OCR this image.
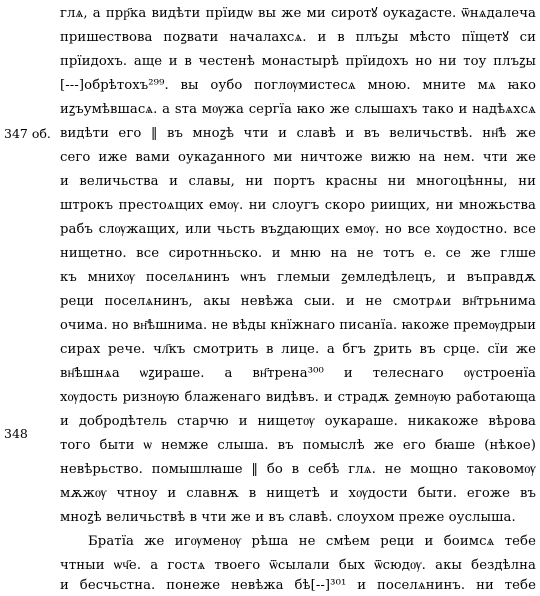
347 об.
348
глѧ, а прр҃ка видѣти прїидѡ вы же ми сиротꙋ оукаꙁасте. ѿнѧдалеча
пришествова поꙁвати началахсѧ. и в плъꙁы мѣсто пїщетꙋ си
прїидохъ. аще и в честенѣ монастырѣ прїидохъ но ни тоу плъꙁы
[---]обрѣтохъ²⁹⁹. вы оубо поглѹмистесѧ мною. мните мѧ ꙗко
иꙁъумѣвшасѧ. а ѕта мѹжа сергїа ꙗко же слышахъ тако и надѣѧхсѧ
видѣти его ‖ въ мноꙁѣ чти и славѣ и въ величьствѣ. нн҃ѣ же
сего иже вами оукаꙁанного ми ничтоже вижю на нем. чти же
и величьства и славы, ни портъ красны ни многоцѣнны, ни
штрокъ престоѧщих емѹ. ни слоугъ скоро риищих, ни множьства
рабъ слѹжащих, или чьсть въꙁдающих емѹ. но все хѹдостно. все
нищетно. все сиротнньско. и мню на не тотъ е. се же глше
къ мнихѹ поселѧнинъ ѡнъ глемыи ꙁемледѣлецъ, и въправдѫ
реци поселѧнинъ, акы невѣжа сыи. и не смотрѧи вн҃трьнима
очима. но вн҃ѣшнима. не вѣды кнїжнаго писанїа. ꙗкоже премѹдрыи
сирах рече. чл҃къ смотрить в лице. а бгъ ꙁрить въ срце. сїи же
вн҃ѣшнѧа ѡꙁираше. а вн҃трена³⁰⁰ и телеснаго ѹстроенїа
хѹдость ризнѹю блаженаго видѣвъ. и страдѫ ꙁемнѹю работающа
и добродѣтель старчю и нищетѹ оукараше. никакоже вѣрова
того быти ѡ немже слыша. въ помыслѣ же его бꙗше (нѣкое)
невѣрьство. помышлꙗше ‖ бо в себѣ глѧ. не мощно таковомѹ
мѫжѹ чтноу и славнѫ в нищетѣ и хѹдости быти. егоже въ
мноꙁѣ величьствѣ в чти же и въ славѣ. слоухом преже оуслыша.
Братїа же игѹменѹ рѣша не смѣем реци и боимсѧ тебе
чтныи ѡч҃е. а гостѧ твоего ѿсылали бых ѿсюдѹ. акы бездѣлна
и бесчьстна. понеже невѣжа бѣ[--]³⁰¹ и поселѧнинъ. ни тебе
